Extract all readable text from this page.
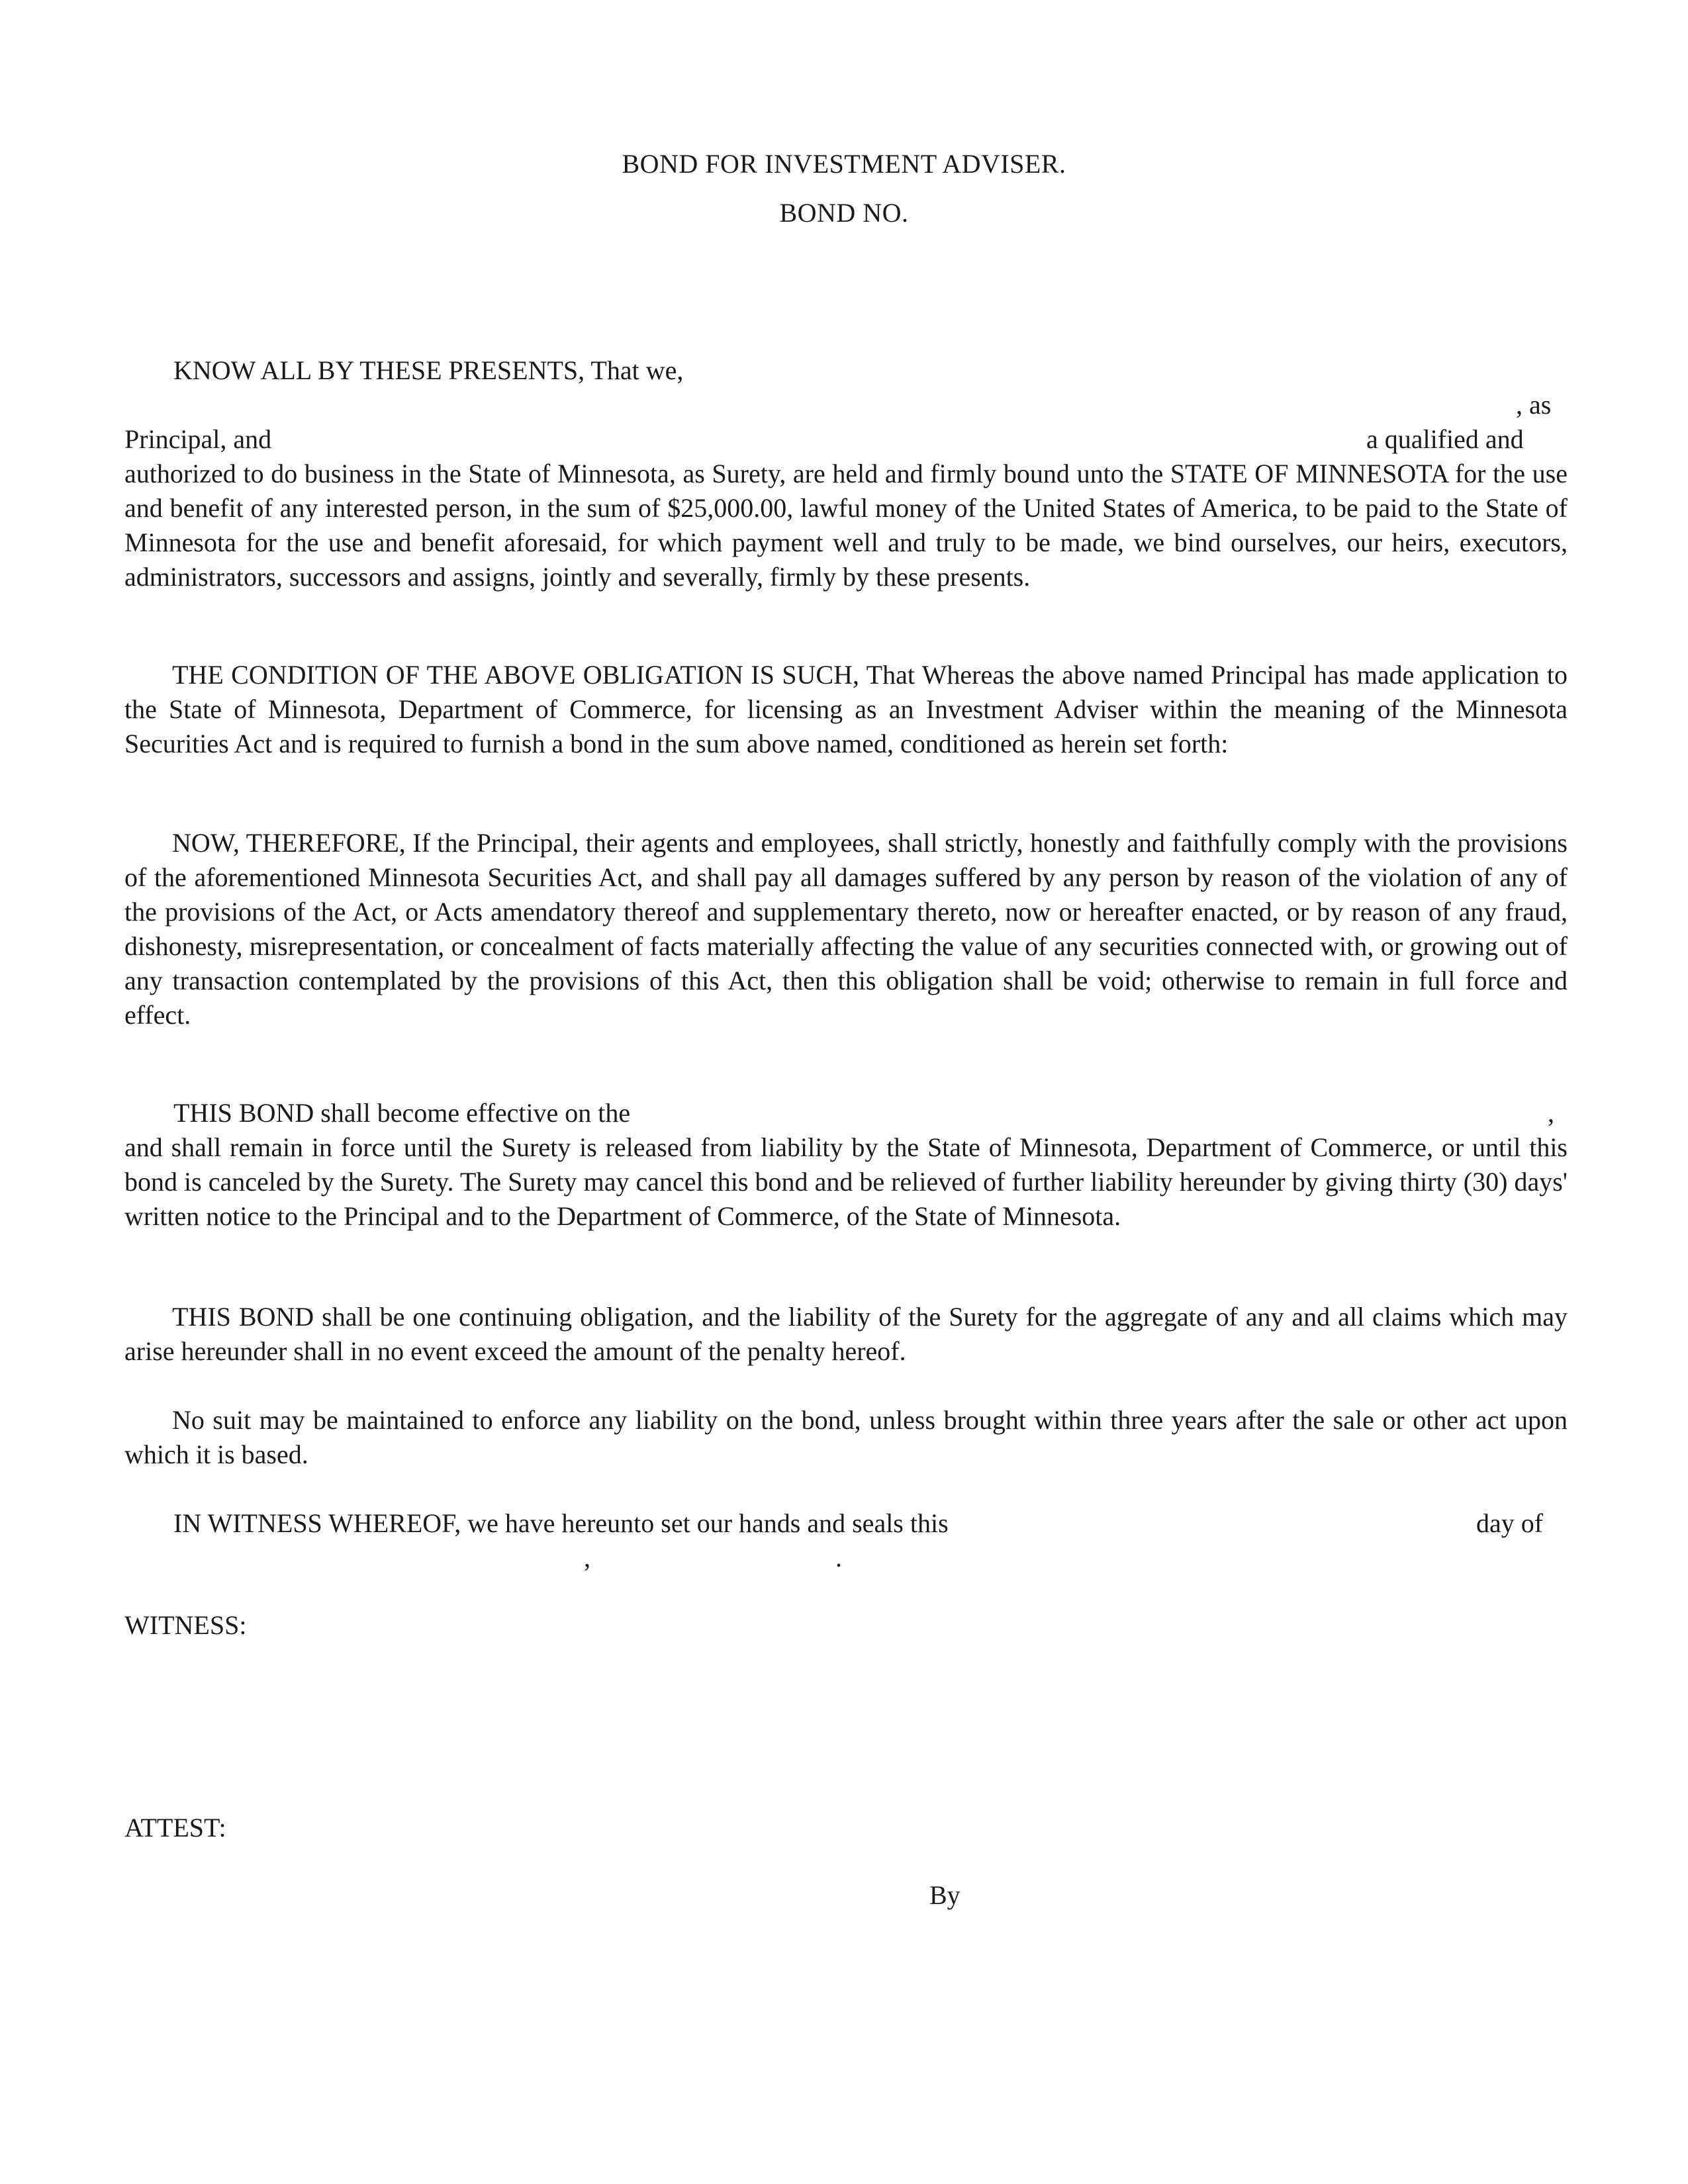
BOND FOR INVESTMENT ADVISER.
BOND NO.
KNOW ALL BY THESE PRESENTS, That we,
, as
Principal, and	a qualified and

authorized to do business in the State of Minnesota, as Surety, are held and firmly bound unto the STATE OF MINNESOTA for the use and benefit of any interested person, in the sum of $25,000.00, lawful money of the United States of America, to be paid to the State of Minnesota for the use and benefit aforesaid, for which payment well and truly to be made, we bind ourselves, our heirs, executors, administrators, successors and assigns, jointly and severally, firmly by these presents.

THE CONDITION OF THE ABOVE OBLIGATION IS SUCH, That Whereas the above named Principal has made application to the State of Minnesota, Department of Commerce, for licensing as an Investment Adviser within the meaning of the Minnesota Securities Act and is required to furnish a bond in the sum above named, conditioned as herein set forth:

NOW, THEREFORE, If the Principal, their agents and employees, shall strictly, honestly and faithfully comply with the provisions of the aforementioned Minnesota Securities Act, and shall pay all damages suffered by any person by reason of the violation of any of the provisions of the Act, or Acts amendatory thereof and supplementary thereto, now or hereafter enacted, or by reason of any fraud, dishonesty, misrepresentation, or concealment of facts materially affecting the value of any securities connected with, or growing out of any transaction contemplated by the provisions of this Act, then this obligation shall be void; otherwise to remain in full force and effect.

THIS BOND shall become effective on the	,

and shall remain in force until the Surety is released from liability by the State of Minnesota, Department of Commerce, or until this bond is canceled by the Surety. The Surety may cancel this bond and be relieved of further liability hereunder by giving thirty (30) days' written notice to the Principal and to the Department of Commerce, of the State of Minnesota.

THIS BOND shall be one continuing obligation, and the liability of the Surety for the aggregate of any and all claims which may arise hereunder shall in no event exceed the amount of the penalty hereof.

No suit may be maintained to enforce any liability on the bond, unless brought within three years after the sale or other act upon which it is based.

IN WITNESS WHEREOF, we have hereunto set our hands and seals this	day of
,	.
WITNESS:
ATTEST:
By
